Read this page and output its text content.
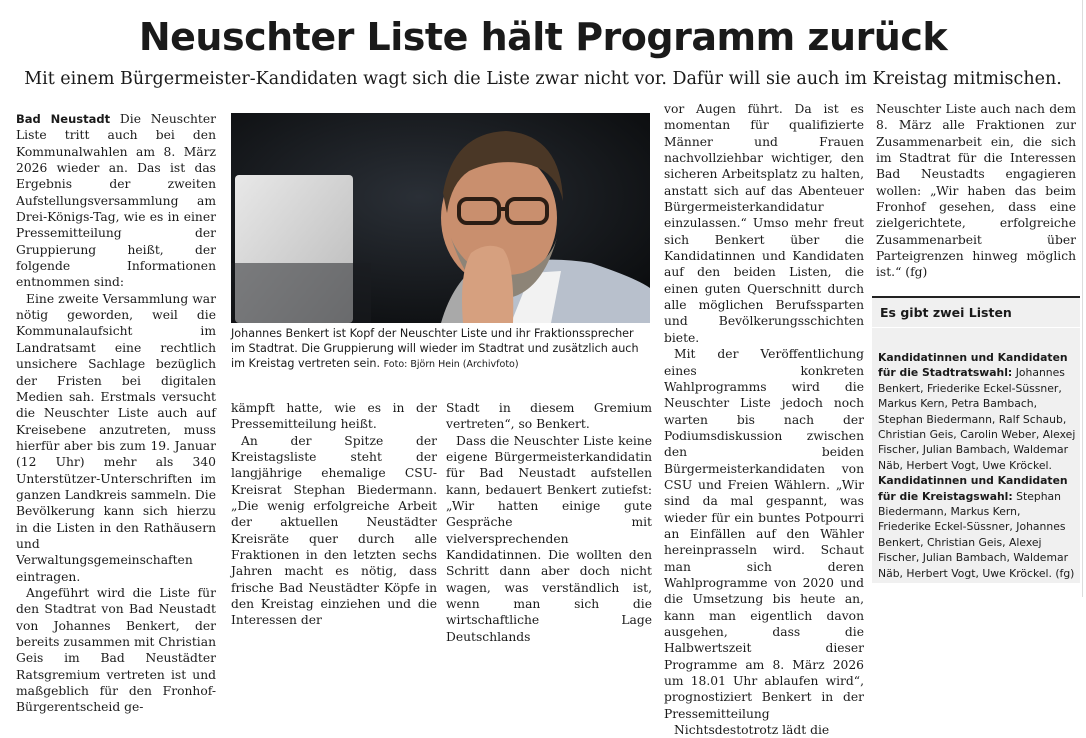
Neuschter Liste hält Programm zurück
Mit einem Bürgermeister-Kandidaten wagt sich die Liste zwar nicht vor. Dafür will sie auch im Kreistag mitmischen.

Bad Neustadt Die Neuschter Liste tritt auch bei den Kommunalwahlen am 8. März 2026 wieder an. Das ist das Ergebnis der zweiten Aufstellungsversammlung am Drei-Königs-Tag, wie es in einer Pressemitteilung der Gruppierung heißt, der folgende Informationen entnommen sind:

Eine zweite Versammlung war nötig geworden, weil die Kommunalaufsicht im Landratsamt eine rechtlich unsichere Sachlage bezüglich der Fristen bei digitalen Medien sah. Erstmals versucht die Neuschter Liste auch auf Kreisebene anzutreten, muss hierfür aber bis zum 19. Januar (12 Uhr) mehr als 340 Unterstützer-Unterschriften im ganzen Landkreis sammeln. Die Bevölkerung kann sich hierzu in die Listen in den Rathäusern und Verwaltungsgemeinschaften eintragen.

Angeführt wird die Liste für den Stadtrat von Bad Neustadt von Johannes Benkert, der bereits zusammen mit Christian Geis im Bad Neustädter Ratsgremium vertreten ist und maßgeblich für den Fronhof-Bürgerentscheid ge-

Johannes Benkert ist Kopf der Neuschter Liste und ihr Fraktionssprecher im Stadtrat. Die Gruppierung will wieder im Stadtrat und zusätzlich auch im Kreistag vertreten sein. Foto: Björn Hein (Archivfoto)

kämpft hatte, wie es in der Pressemitteilung heißt.

An der Spitze der Kreistagsliste steht der langjährige ehemalige CSU-Kreisrat Stephan Biedermann. „Die wenig erfolgreiche Arbeit der aktuellen Neustädter Kreisräte quer durch alle Fraktionen in den letzten sechs Jahren macht es nötig, dass frische Bad Neustädter Köpfe in den Kreistag einziehen und die Interessen der

Stadt in diesem Gremium vertreten“, so Benkert.

Dass die Neuschter Liste keine eigene Bürgermeisterkandidatin für Bad Neustadt aufstellen kann, bedauert Benkert zutiefst: „Wir hatten einige gute Gespräche mit vielversprechenden Kandidatinnen. Die wollten den Schritt dann aber doch nicht wagen, was verständlich ist, wenn man sich die wirtschaftliche Lage Deutschlands

vor Augen führt. Da ist es momentan für qualifizierte Männer und Frauen nachvollziehbar wichtiger, den sicheren Arbeitsplatz zu halten, anstatt sich auf das Abenteuer Bürgermeisterkandidatur einzulassen.“ Umso mehr freut sich Benkert über die Kandidatinnen und Kandidaten auf den beiden Listen, die einen guten Querschnitt durch alle möglichen Berufssparten und Bevölkerungsschichten biete.

Mit der Veröffentlichung eines konkreten Wahlprogramms wird die Neuschter Liste jedoch noch warten bis nach der Podiumsdiskussion zwischen den beiden Bürgermeisterkandidaten von CSU und Freien Wählern. „Wir sind da mal gespannt, was wieder für ein buntes Potpourri an Einfällen auf den Wähler hereinprasseln wird. Schaut man sich deren Wahlprogramme von 2020 und die Umsetzung bis heute an, kann man eigentlich davon ausgehen, dass die Halbwertszeit dieser Programme am 8. März 2026 um 18.01 Uhr ablaufen wird“, prognostiziert Benkert in der Pressemitteilung

Nichtsdestotrotz lädt die

Neuschter Liste auch nach dem 8. März alle Fraktionen zur Zusammenarbeit ein, die sich im Stadtrat für die Interessen Bad Neustadts engagieren wollen: „Wir haben das beim Fronhof gesehen, dass eine zielgerichtete, erfolgreiche Zusammenarbeit über Parteigrenzen hinweg möglich ist.“ (fg)

Es gibt zwei Listen

Kandidatinnen und Kandidaten für die Stadtratswahl: Johannes Benkert, Friederike Eckel-Süssner, Markus Kern, Petra Bambach, Stephan Biedermann, Ralf Schaub, Christian Geis, Carolin Weber, Alexej Fischer, Julian Bambach, Waldemar Näb, Herbert Vogt, Uwe Kröckel.

Kandidatinnen und Kandidaten für die Kreistagswahl: Stephan Biedermann, Markus Kern, Friederike Eckel-Süssner, Johannes Benkert, Christian Geis, Alexej Fischer, Julian Bambach, Waldemar Näb, Herbert Vogt, Uwe Kröckel. (fg)
